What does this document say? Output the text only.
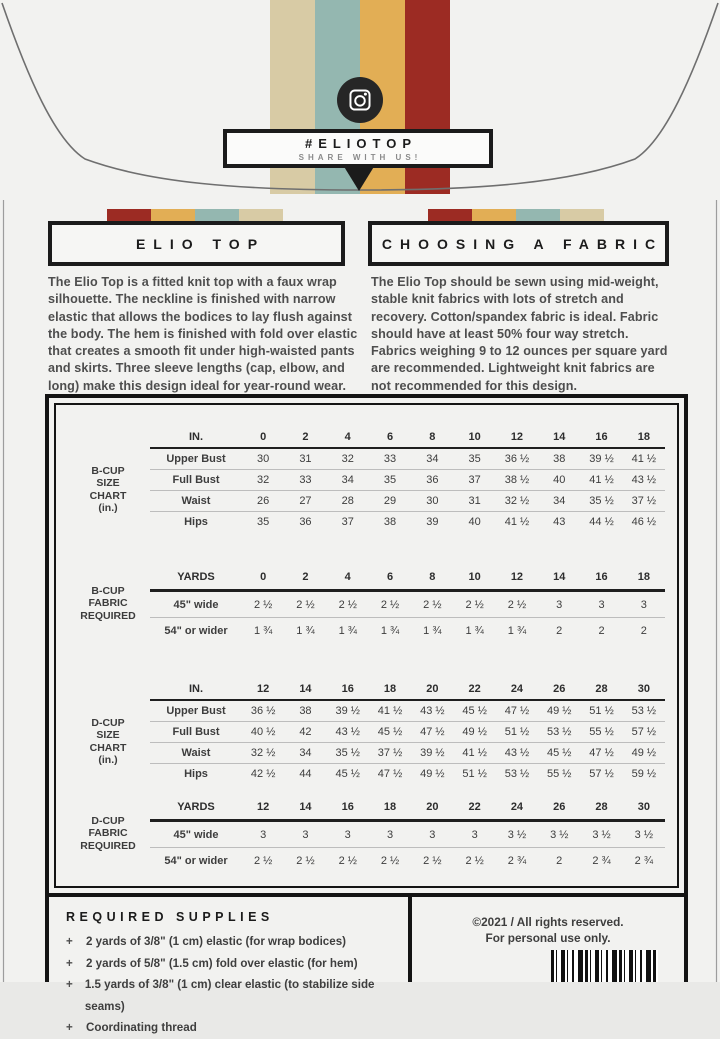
#ELIOTOP
SHARE WITH US!
ELIO TOP	CHOOSING A FABRIC
The Elio Top is a fitted knit top with a faux wrap silhouette. The neckline is finished with narrow elastic that allows the bodices to lay flush against the body. The hem is finished with fold over elastic that creates a smooth fit under high-waisted pants and skirts. Three sleeve lengths (cap, elbow, and long) make this design ideal for year-round wear.
The Elio Top should be sewn using mid-weight, stable knit fabrics with lots of stretch and recovery. Cotton/spandex fabric is ideal. Fabric should have at least 50% four way stretch. Fabrics weighing 9 to 12 ounces per square yard are recommended. Lightweight knit fabrics are not recommended for this design.
B-CUP
SIZE
CHART
(in.)
IN.	0	2	4	6	8	10	12	14	16	18
Upper Bust	30	31	32	33	34	35	36 ½	38	39 ½	41 ½
Full Bust	32	33	34	35	36	37	38 ½	40	41 ½	43 ½
Waist	26	27	28	29	30	31	32 ½	34	35 ½	37 ½
Hips	35	36	37	38	39	40	41 ½	43	44 ½	46 ½
B-CUP
FABRIC
REQUIRED
YARDS	0	2	4	6	8	10	12	14	16	18
45" wide	2 ½	2 ½	2 ½	2 ½	2 ½	2 ½	2 ½	3	3	3
54" or wider	1 ¾	1 ¾	1 ¾	1 ¾	1 ¾	1 ¾	1 ¾	2	2	2
D-CUP
SIZE
CHART
(in.)
IN.	12	14	16	18	20	22	24	26	28	30
Upper Bust	36 ½	38	39 ½	41 ½	43 ½	45 ½	47 ½	49 ½	51 ½	53 ½
Full Bust	40 ½	42	43 ½	45 ½	47 ½	49 ½	51 ½	53 ½	55 ½	57 ½
Waist	32 ½	34	35 ½	37 ½	39 ½	41 ½	43 ½	45 ½	47 ½	49 ½
Hips	42 ½	44	45 ½	47 ½	49 ½	51 ½	53 ½	55 ½	57 ½	59 ½
D-CUP
FABRIC
REQUIRED
YARDS	12	14	16	18	20	22	24	26	28	30
45" wide	3	3	3	3	3	3	3 ½	3 ½	3 ½	3 ½
54" or wider	2 ½	2 ½	2 ½	2 ½	2 ½	2 ½	2 ¾	2	2 ¾	2 ¾
REQUIRED SUPPLIES
+	2 yards of 3/8" (1 cm) elastic (for wrap bodices)
+	2 yards of 5/8" (1.5 cm) fold over elastic (for hem)
+	1.5 yards of 3/8" (1 cm) clear elastic (to stabilize side seams)
+	Coordinating thread
©2021 / All rights reserved.
For personal use only.
